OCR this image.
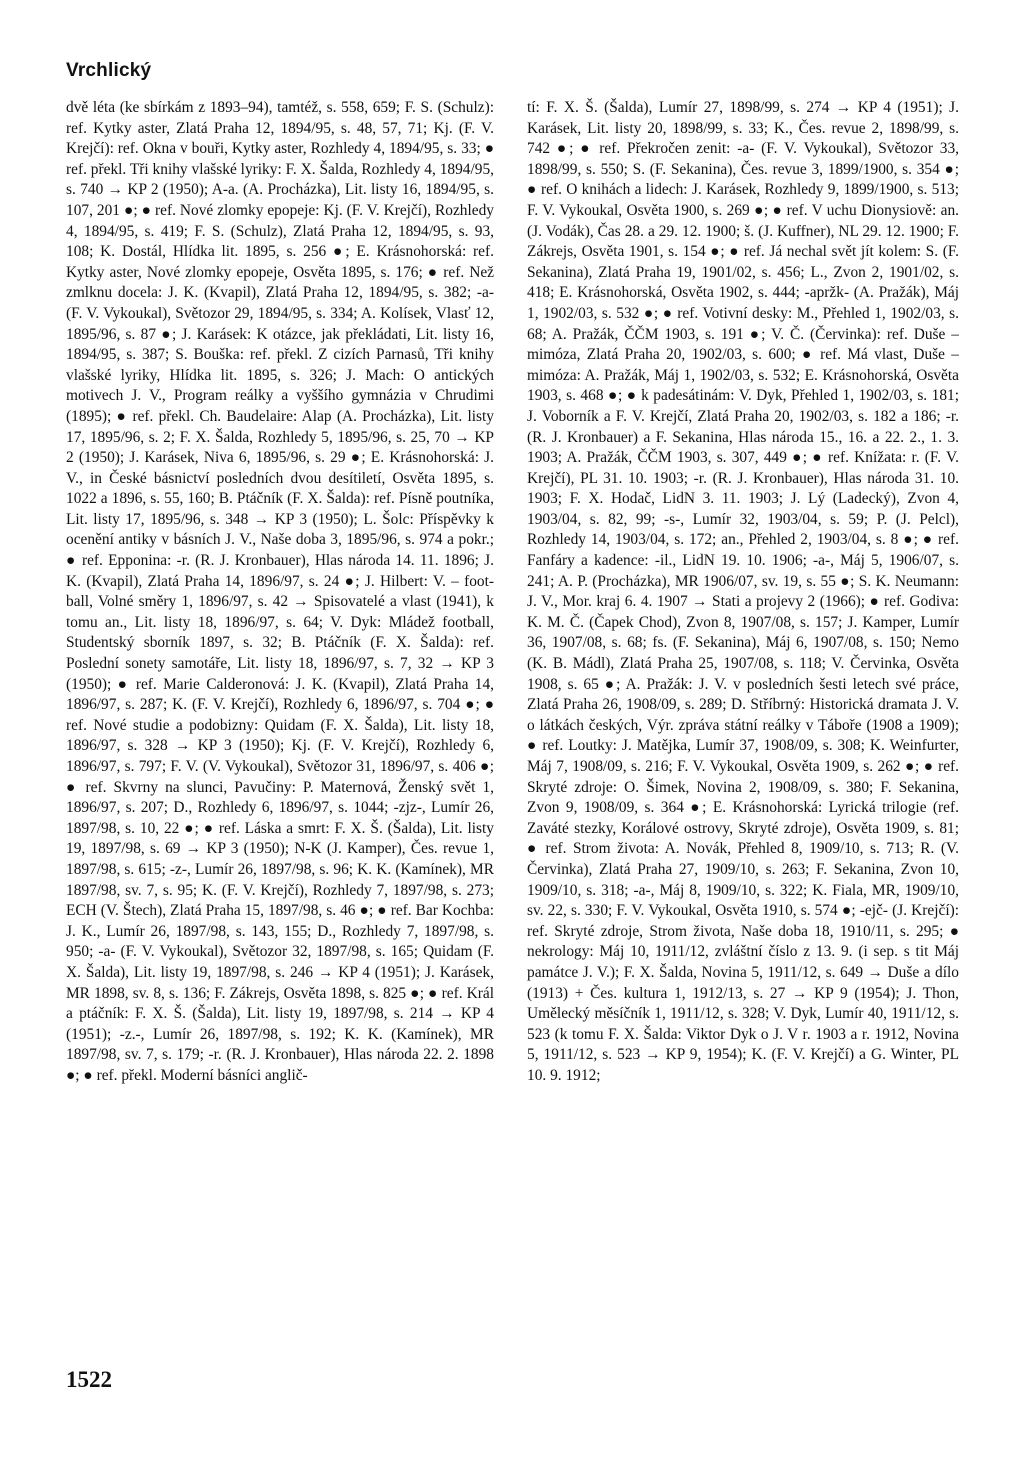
Vrchlický

dvě léta (ke sbírkám z 1893–94), tamtéž, s. 558, 659; F. S. (Schulz): ref. Kytky aster, Zlatá Praha 12, 1894/95, s. 48, 57, 71; Kj. (F. V. Krejčí): ref. Okna v bouři, Kytky aster, Rozhledy 4, 1894/95, s. 33; ● ref. překl. Tři knihy vlašské lyriky: F. X. Šalda, Rozhledy 4, 1894/95, s. 740 → KP 2 (1950); A-a. (A. Procházka), Lit. listy 16, 1894/95, s. 107, 201 ●; ● ref. Nové zlomky epopeje: Kj. (F. V. Krejčí), Rozhledy 4, 1894/95, s. 419; F. S. (Schulz), Zlatá Praha 12, 1894/95, s. 93, 108; K. Dostál, Hlídka lit. 1895, s. 256 ●; E. Krásnohorská: ref. Kytky aster, Nové zlomky epopeje, Osvěta 1895, s. 176; ● ref. Než zmlknu docela: J. K. (Kvapil), Zlatá Praha 12, 1894/95, s. 382; -a- (F. V. Vykoukal), Světozor 29, 1894/95, s. 334; A. Kolísek, Vlasť 12, 1895/96, s. 87 ●; J. Karásek: K otázce, jak překládati, Lit. listy 16, 1894/95, s. 387; S. Bouška: ref. překl. Z cizích Parnasů, Tři knihy vlašské lyriky, Hlídka lit. 1895, s. 326; J. Mach: O antických motivech J. V., Program reálky a vyššího gymnázia v Chrudimi (1895); ● ref. překl. Ch. Baudelaire: Alap (A. Procházka), Lit. listy 17, 1895/96, s. 2; F. X. Šalda, Rozhledy 5, 1895/96, s. 25, 70 → KP 2 (1950); J. Karásek, Niva 6, 1895/96, s. 29 ●; E. Krásnohorská: J. V., in České básnictví posledních dvou desítiletí, Osvěta 1895, s. 1022 a 1896, s. 55, 160; B. Ptáčník (F. X. Šalda): ref. Písně poutníka, Lit. listy 17, 1895/96, s. 348 → KP 3 (1950); L. Šolc: Příspěvky k ocenění antiky v básních J. V., Naše doba 3, 1895/96, s. 974 a pokr.; ● ref. Epponina: -r. (R. J. Kronbauer), Hlas národa 14. 11. 1896; J. K. (Kvapil), Zlatá Praha 14, 1896/97, s. 24 ●; J. Hilbert: V. – foot-ball, Volné směry 1, 1896/97, s. 42 → Spisovatelé a vlast (1941), k tomu an., Lit. listy 18, 1896/97, s. 64; V. Dyk: Mládež football, Studentský sborník 1897, s. 32; B. Ptáčník (F. X. Šalda): ref. Poslední sonety samotáře, Lit. listy 18, 1896/97, s. 7, 32 → KP 3 (1950); ● ref. Marie Calderonová: J. K. (Kvapil), Zlatá Praha 14, 1896/97, s. 287; K. (F. V. Krejčí), Rozhledy 6, 1896/97, s. 704 ●; ● ref. Nové studie a podobizny: Quidam (F. X. Šalda), Lit. listy 18, 1896/97, s. 328 → KP 3 (1950); Kj. (F. V. Krejčí), Rozhledy 6, 1896/97, s. 797; F. V. (V. Vykoukal), Světozor 31, 1896/97, s. 406 ●; ● ref. Skvrny na slunci, Pavučiny: P. Maternová, Ženský svět 1, 1896/97, s. 207; D., Rozhledy 6, 1896/97, s. 1044; -zjz-, Lumír 26, 1897/98, s. 10, 22 ●; ● ref. Láska a smrt: F. X. Š. (Šalda), Lit. listy 19, 1897/98, s. 69 → KP 3 (1950); N-K (J. Kamper), Čes. revue 1, 1897/98, s. 615; -z-, Lumír 26, 1897/98, s. 96; K. K. (Kamínek), MR 1897/98, sv. 7, s. 95; K. (F. V. Krejčí), Rozhledy 7, 1897/98, s. 273; ECH (V. Štech), Zlatá Praha 15, 1897/98, s. 46 ●; ● ref. Bar Kochba: J. K., Lumír 26, 1897/98, s. 143, 155; D., Rozhledy 7, 1897/98, s. 950; -a- (F. V. Vykoukal), Světozor 32, 1897/98, s. 165; Quidam (F. X. Šalda), Lit. listy 19, 1897/98, s. 246 → KP 4 (1951); J. Karásek, MR 1898, sv. 8, s. 136; F. Zákrejs, Osvěta 1898, s. 825 ●; ● ref. Král a ptáčník: F. X. Š. (Šalda), Lit. listy 19, 1897/98, s. 214 → KP 4 (1951); -z.-, Lumír 26, 1897/98, s. 192; K. K. (Kamínek), MR 1897/98, sv. 7, s. 179; -r. (R. J. Kronbauer), Hlas národa 22. 2. 1898 ●; ● ref. překl. Moderní básníci anglič-

tí: F. X. Š. (Šalda), Lumír 27, 1898/99, s. 274 → KP 4 (1951); J. Karásek, Lit. listy 20, 1898/99, s. 33; K., Čes. revue 2, 1898/99, s. 742 ●; ● ref. Překročen zenit: -a- (F. V. Vykoukal), Světozor 33, 1898/99, s. 550; S. (F. Sekanina), Čes. revue 3, 1899/1900, s. 354 ●; ● ref. O knihách a lidech: J. Karásek, Rozhledy 9, 1899/1900, s. 513; F. V. Vykoukal, Osvěta 1900, s. 269 ●; ● ref. V uchu Dionysiově: an. (J. Vodák), Čas 28. a 29. 12. 1900; š. (J. Kuffner), NL 29. 12. 1900; F. Zákrejs, Osvěta 1901, s. 154 ●; ● ref. Já nechal svět jít kolem: S. (F. Sekanina), Zlatá Praha 19, 1901/02, s. 456; L., Zvon 2, 1901/02, s. 418; E. Krásnohorská, Osvěta 1902, s. 444; -apržk- (A. Pražák), Máj 1, 1902/03, s. 532 ●; ● ref. Votivní desky: M., Přehled 1, 1902/03, s. 68; A. Pražák, ČČM 1903, s. 191 ●; V. Č. (Červinka): ref. Duše – mimóza, Zlatá Praha 20, 1902/03, s. 600; ● ref. Má vlast, Duše – mimóza: A. Pražák, Máj 1, 1902/03, s. 532; E. Krásnohorská, Osvěta 1903, s. 468 ●; ● k padesátinám: V. Dyk, Přehled 1, 1902/03, s. 181; J. Voborník a F. V. Krejčí, Zlatá Praha 20, 1902/03, s. 182 a 186; -r. (R. J. Kronbauer) a F. Sekanina, Hlas národa 15., 16. a 22. 2., 1. 3. 1903; A. Pražák, ČČM 1903, s. 307, 449 ●; ● ref. Knížata: r. (F. V. Krejčí), PL 31. 10. 1903; -r. (R. J. Kronbauer), Hlas národa 31. 10. 1903; F. X. Hodač, LidN 3. 11. 1903; J. Lý (Ladecký), Zvon 4, 1903/04, s. 82, 99; -s-, Lumír 32, 1903/04, s. 59; P. (J. Pelcl), Rozhledy 14, 1903/04, s. 172; an., Přehled 2, 1903/04, s. 8 ●; ● ref. Fanfáry a kadence: -il., LidN 19. 10. 1906; -a-, Máj 5, 1906/07, s. 241; A. P. (Procházka), MR 1906/07, sv. 19, s. 55 ●; S. K. Neumann: J. V., Mor. kraj 6. 4. 1907 → Stati a projevy 2 (1966); ● ref. Godiva: K. M. Č. (Čapek Chod), Zvon 8, 1907/08, s. 157; J. Kamper, Lumír 36, 1907/08, s. 68; fs. (F. Sekanina), Máj 6, 1907/08, s. 150; Nemo (K. B. Mádl), Zlatá Praha 25, 1907/08, s. 118; V. Červinka, Osvěta 1908, s. 65 ●; A. Pražák: J. V. v posledních šesti letech své práce, Zlatá Praha 26, 1908/09, s. 289; D. Stříbrný: Historická dramata J. V. o látkách českých, Výr. zpráva státní reálky v Táboře (1908 a 1909); ● ref. Loutky: J. Matějka, Lumír 37, 1908/09, s. 308; K. Weinfurter, Máj 7, 1908/09, s. 216; F. V. Vykoukal, Osvěta 1909, s. 262 ●; ● ref. Skryté zdroje: O. Šimek, Novina 2, 1908/09, s. 380; F. Sekanina, Zvon 9, 1908/09, s. 364 ●; E. Krásnohorská: Lyrická trilogie (ref. Zaváté stezky, Korálové ostrovy, Skryté zdroje), Osvěta 1909, s. 81; ● ref. Strom života: A. Novák, Přehled 8, 1909/10, s. 713; R. (V. Červinka), Zlatá Praha 27, 1909/10, s. 263; F. Sekanina, Zvon 10, 1909/10, s. 318; -a-, Máj 8, 1909/10, s. 322; K. Fiala, MR, 1909/10, sv. 22, s. 330; F. V. Vykoukal, Osvěta 1910, s. 574 ●; -ejč- (J. Krejčí): ref. Skryté zdroje, Strom života, Naše doba 18, 1910/11, s. 295; ● nekrology: Máj 10, 1911/12, zvláštní číslo z 13. 9. (i sep. s tit Máj památce J. V.); F. X. Šalda, Novina 5, 1911/12, s. 649 → Duše a dílo (1913) + Čes. kultura 1, 1912/13, s. 27 → KP 9 (1954); J. Thon, Umělecký měsíčník 1, 1911/12, s. 328; V. Dyk, Lumír 40, 1911/12, s. 523 (k tomu F. X. Šalda: Viktor Dyk o J. V r. 1903 a r. 1912, Novina 5, 1911/12, s. 523 → KP 9, 1954); K. (F. V. Krejčí) a G. Winter, PL 10. 9. 1912;

1522
